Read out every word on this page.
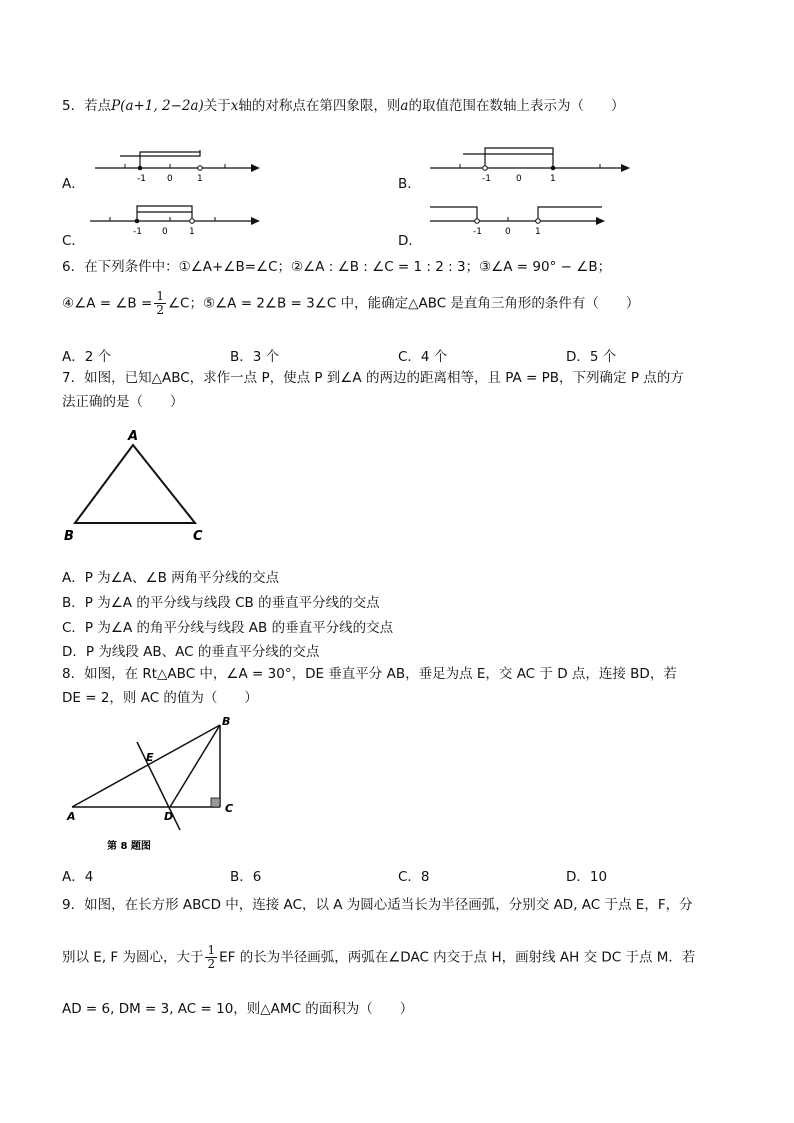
5．若点P(a+1, 2−2a)关于x轴的对称点在第四象限，则a的取值范围在数轴上表示为（　　）
A．	-1 0	1	B．	-1	0	1
C．
-1 0 1
D．
-1	0	1
6．在下列条件中：①∠A+∠B=∠C；②∠A : ∠B : ∠C = 1 : 2 : 3；③∠A = 90° − ∠B；
④∠A = ∠B = $\frac{1}{2}$ ∠C；⑤∠A = 2∠B = 3∠C 中，能确定△ABC 是直角三角形的条件有（　　）
A．2 个	B．3 个	C．4 个	D．5 个
7．如图，已知△ABC，求作一点 P，使点 P 到∠A 的两边的距离相等，且 PA = PB，下列确定 P 点的方
法正确的是（　　）
A
B	C
A．P 为∠A、∠B 两角平分线的交点
B．P 为∠A 的平分线与线段 CB 的垂直平分线的交点
C．P 为∠A 的角平分线与线段 AB 的垂直平分线的交点
D．P 为线段 AB、AC 的垂直平分线的交点
8．如图，在 Rt△ABC 中，∠A = 30°，DE 垂直平分 AB，垂足为点 E，交 AC 于 D 点，连接 BD，若
DE = 2，则 AC 的值为（　　）
B
E
D
A
C
第 8 题图
A．4	B．6	C．8	D．10
9．如图，在长方形 ABCD 中，连接 AC，以 A 为圆心适当长为半径画弧，分别交 AD, AC 于点 E，F，分
别以 E, F 为圆心，大于 $\frac{1}{2}$ EF 的长为半径画弧，两弧在∠DAC 内交于点 H，画射线 AH 交 DC 于点 M．若
AD = 6, DM = 3, AC = 10，则△AMC 的面积为（　　）
